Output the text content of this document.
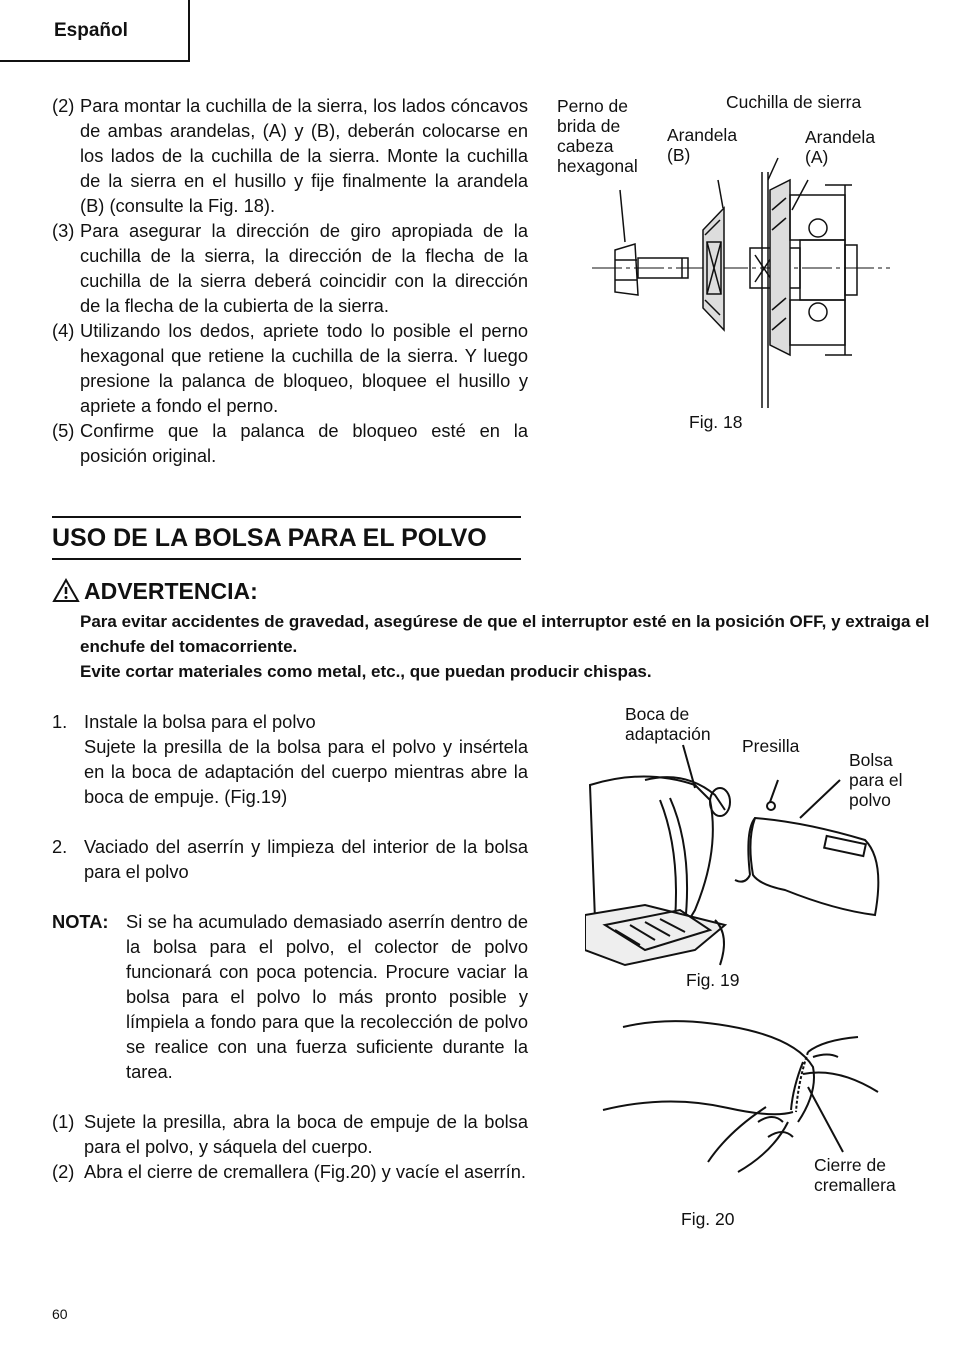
Español
(2) Para montar la cuchilla de la sierra, los lados cóncavos de ambas arandelas, (A) y (B), deberán colocarse en los lados de la cuchilla de la sierra. Monte la cuchilla de la sierra en el husillo y fije finalmente la arandela (B) (consulte la Fig. 18).
(3) Para asegurar la dirección de giro apropiada de la cuchilla de la sierra, la dirección de la flecha de la cuchilla de la sierra deberá coincidir con la dirección de la flecha de la cubierta de la sierra.
(4) Utilizando los dedos, apriete todo lo posible el perno hexagonal que retiene la cuchilla de la sierra. Y luego presione la palanca de bloqueo, bloquee el husillo y apriete a fondo el perno.
(5) Confirme que la palanca de bloqueo esté en la posición original.
Perno de brida de cabeza hexagonal
Cuchilla de sierra
Arandela (B)
Arandela (A)
Fig. 18
USO DE LA BOLSA PARA EL POLVO
ADVERTENCIA:
Para evitar accidentes de gravedad, asegúrese de que el interruptor esté en la posición OFF, y extraiga el enchufe del tomacorriente.
Evite cortar materiales como metal, etc., que puedan producir chispas.
1. Instale la bolsa para el polvo
Sujete la presilla de la bolsa para el polvo y insértela en la boca de adaptación del cuerpo mientras abre la boca de empuje. (Fig.19)
2. Vaciado del aserrín y limpieza del interior de la bolsa para el polvo
NOTA: Si se ha acumulado demasiado aserrín dentro de la bolsa para el polvo, el colector de polvo funcionará con poca potencia. Procure vaciar la bolsa para el polvo lo más pronto posible y límpiela a fondo para que la recolección de polvo se realice con una fuerza suficiente durante la tarea.
(1) Sujete la presilla, abra la boca de empuje de la bolsa para el polvo, y sáquela del cuerpo.
(2) Abra el cierre de cremallera (Fig.20) y vacíe el aserrín.
Boca de adaptación
Presilla
Bolsa para el polvo
Fig. 19
Cierre de cremallera
Fig. 20
60
